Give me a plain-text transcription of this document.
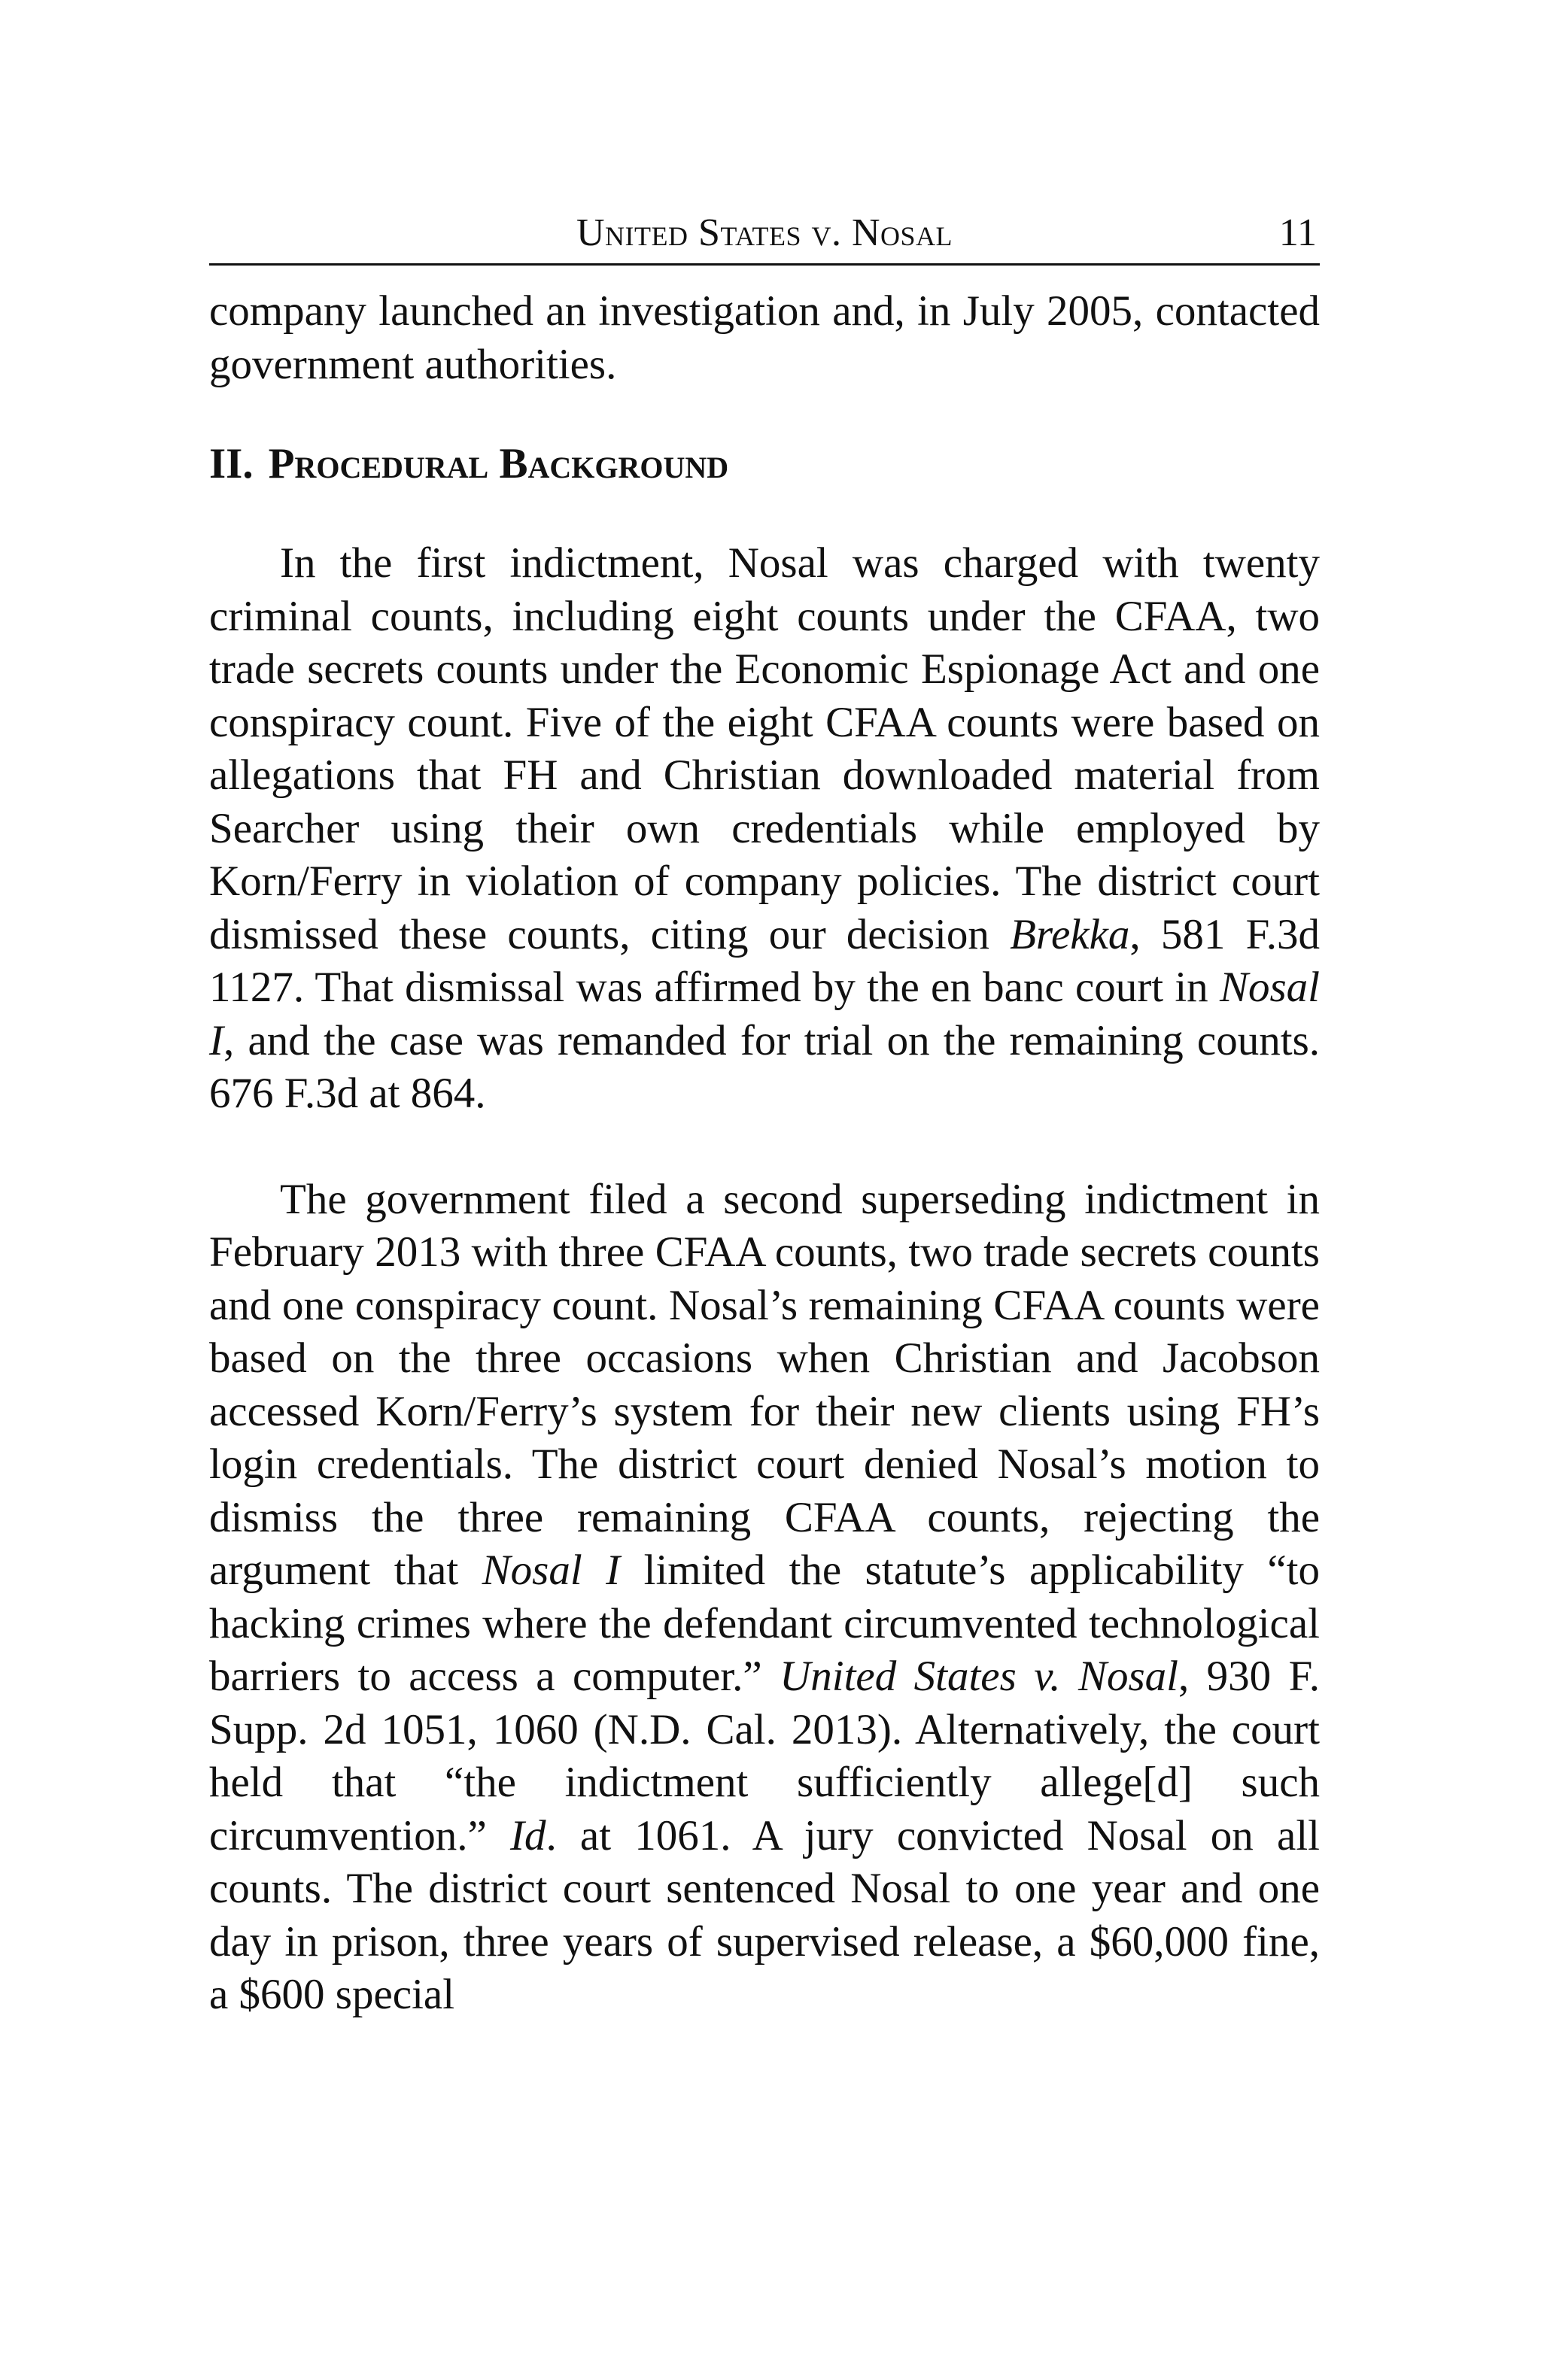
United States v. Nosal	11

company launched an investigation and, in July 2005, contacted government authorities.

II. Procedural Background

In the first indictment, Nosal was charged with twenty criminal counts, including eight counts under the CFAA, two trade secrets counts under the Economic Espionage Act and one conspiracy count. Five of the eight CFAA counts were based on allegations that FH and Christian downloaded material from Searcher using their own credentials while employed by Korn/Ferry in violation of company policies. The district court dismissed these counts, citing our decision Brekka, 581 F.3d 1127. That dismissal was affirmed by the en banc court in Nosal I, and the case was remanded for trial on the remaining counts. 676 F.3d at 864.

The government filed a second superseding indictment in February 2013 with three CFAA counts, two trade secrets counts and one conspiracy count. Nosal’s remaining CFAA counts were based on the three occasions when Christian and Jacobson accessed Korn/Ferry’s system for their new clients using FH’s login credentials. The district court denied Nosal’s motion to dismiss the three remaining CFAA counts, rejecting the argument that Nosal I limited the statute’s applicability “to hacking crimes where the defendant circumvented technological barriers to access a computer.” United States v. Nosal, 930 F. Supp. 2d 1051, 1060 (N.D. Cal. 2013). Alternatively, the court held that “the indictment sufficiently allege[d] such circumvention.” Id. at 1061. A jury convicted Nosal on all counts. The district court sentenced Nosal to one year and one day in prison, three years of supervised release, a $60,000 fine, a $600 special
